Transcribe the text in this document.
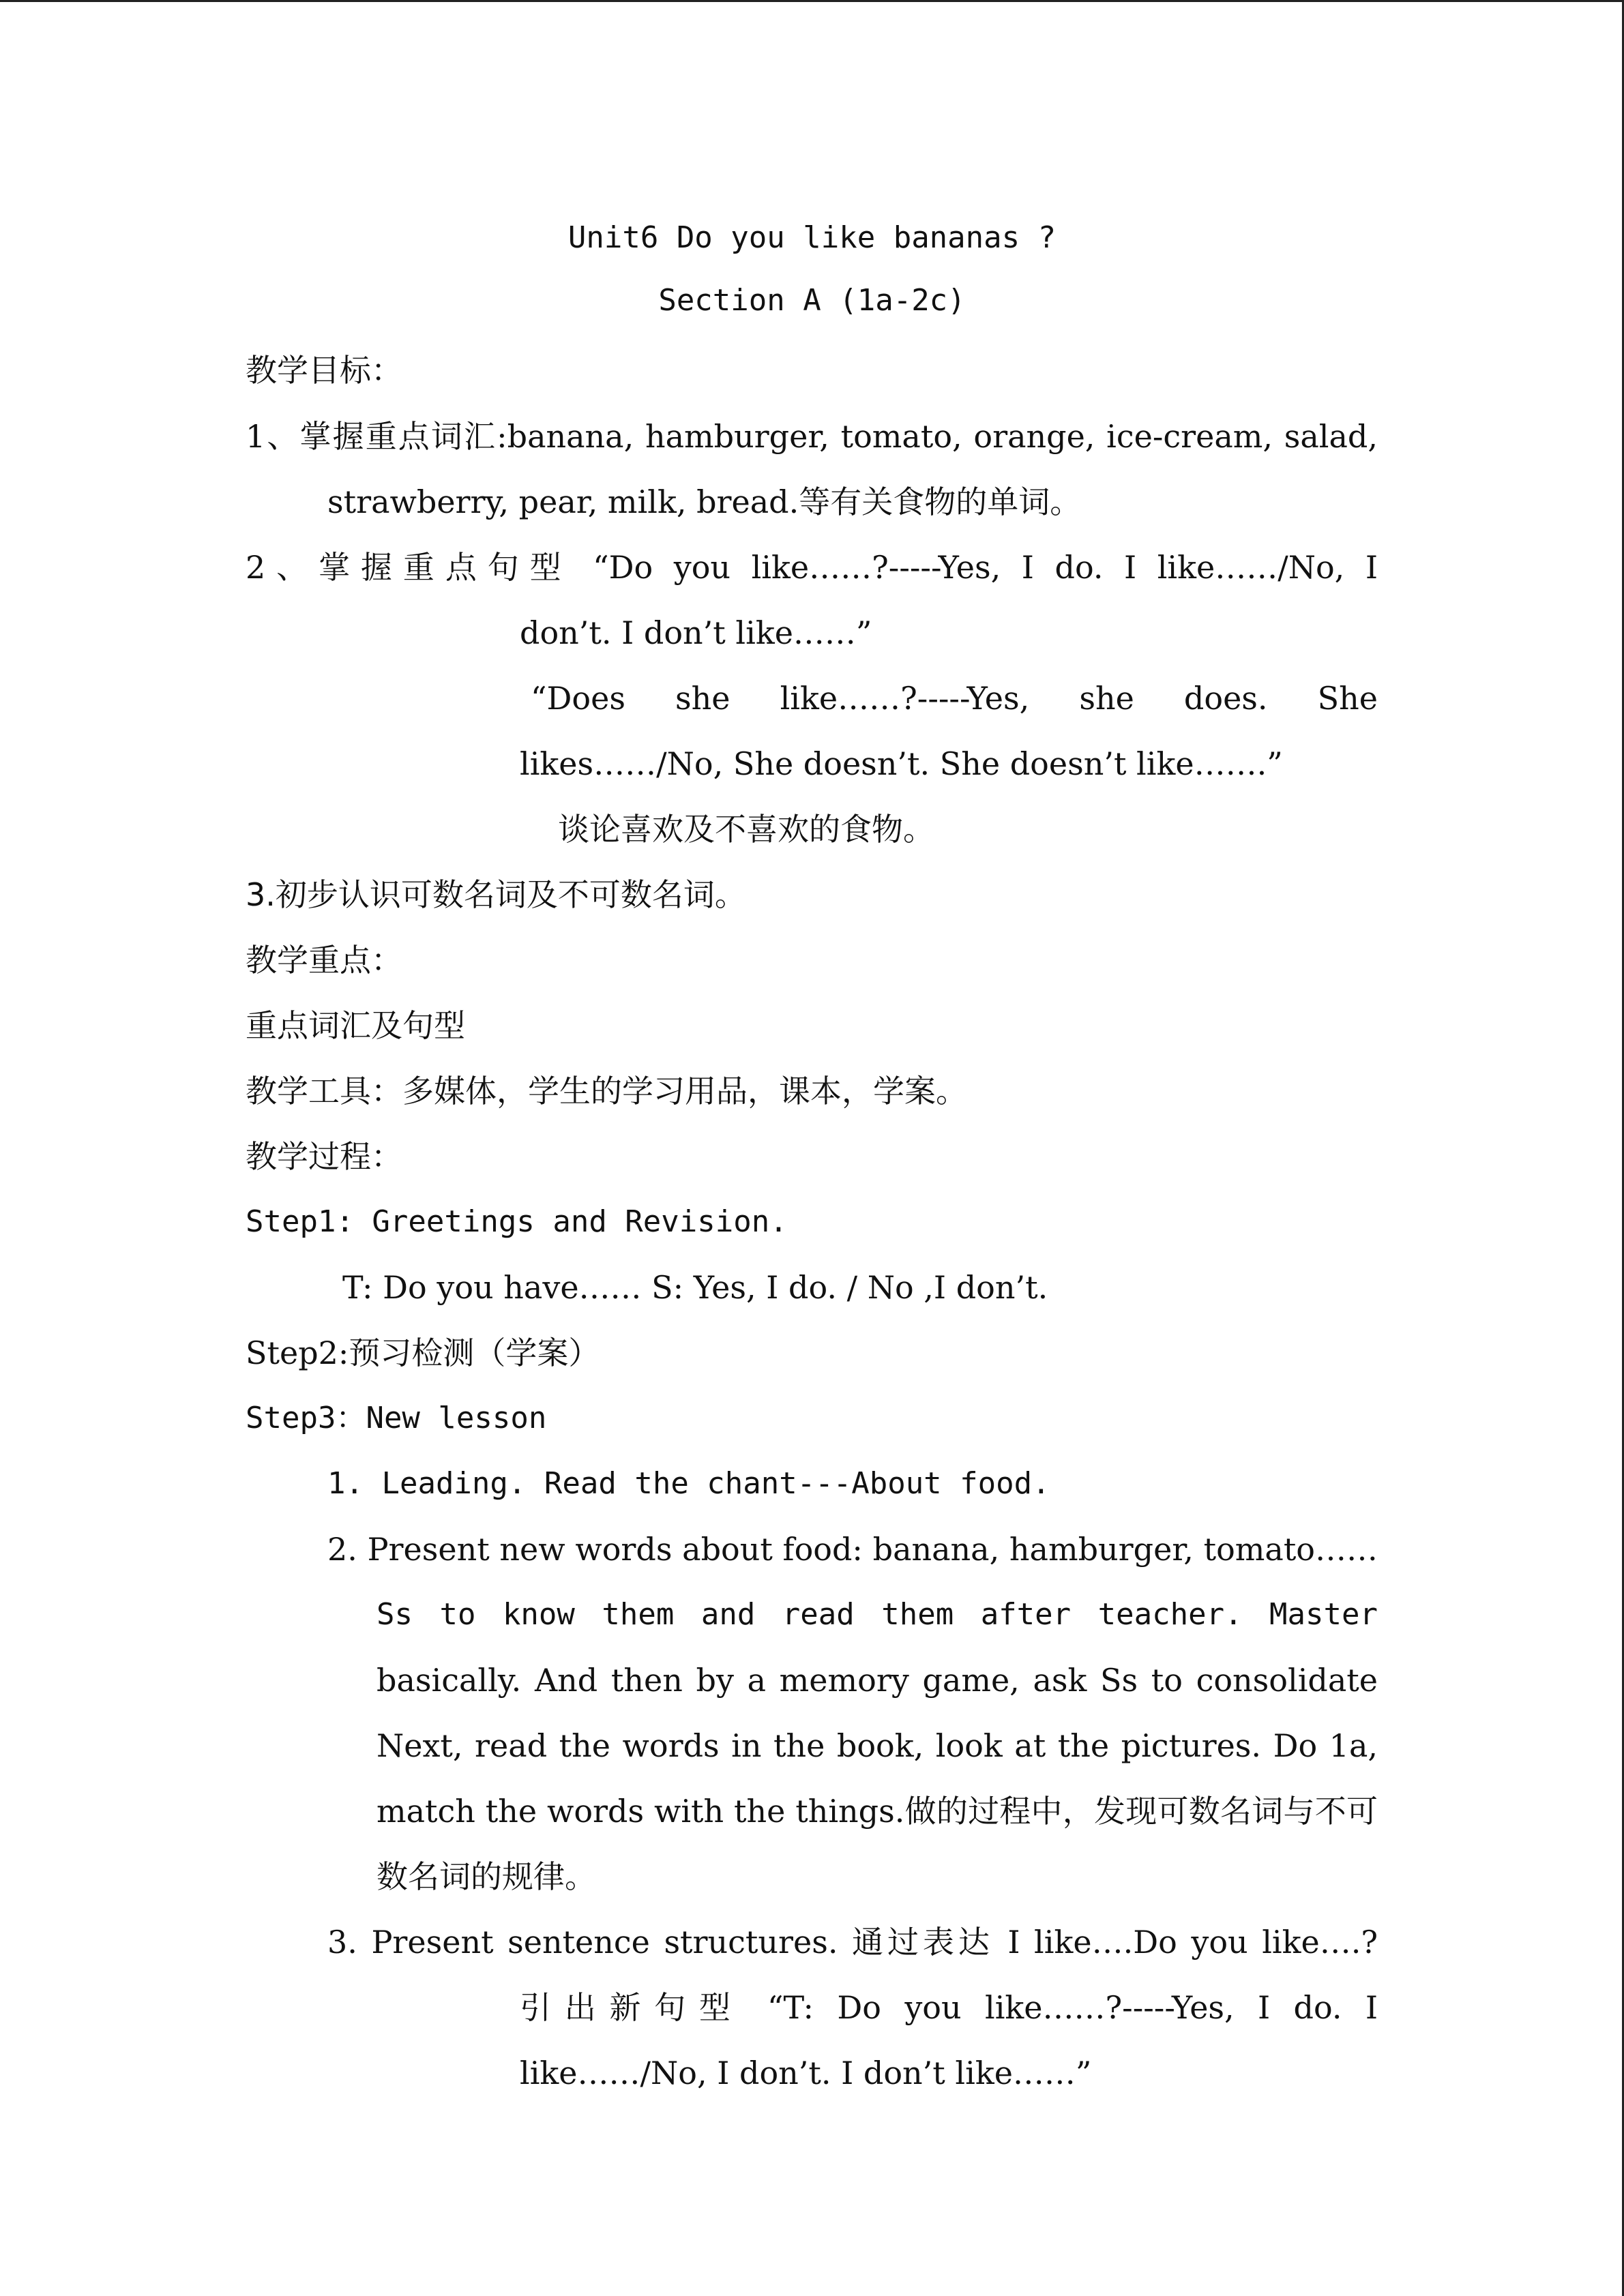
Unit6 Do you like bananas ?
Section A (1a-2c)
教学目标：
1、掌握重点词汇:banana, hamburger, tomato, orange, ice-cream, salad,
strawberry, pear, milk, bread.等有关食物的单词。
2、掌握重点句型 “Do you like……?-----Yes, I do. I like……/No, I
don’t. I don’t like……”
“Does she like……?-----Yes, she does. She
likes……/No, She doesn’t. She doesn’t like…….”
谈论喜欢及不喜欢的食物。
3.初步认识可数名词及不可数名词。
教学重点：
重点词汇及句型
教学工具：多媒体，学生的学习用品，课本，学案。
教学过程：
Step1: Greetings and Revision.
T: Do you have…… S: Yes, I do. / No ,I don’t.
Step2:预习检测（学案）
Step3：New lesson
1. Leading. Read the chant---About food.
2. Present new words about food: banana, hamburger, tomato……
Ss to know them and read them after teacher. Master
basically. And then by a memory game, ask Ss to consolidate
Next, read the words in the book, look at the pictures. Do 1a,
match the words with the things.做的过程中，发现可数名词与不可
数名词的规律。
3. Present sentence structures. 通过表达 I like….Do you like….?
引出新句型 “T: Do you like……?-----Yes, I do. I
like……/No, I don’t. I don’t like……”
